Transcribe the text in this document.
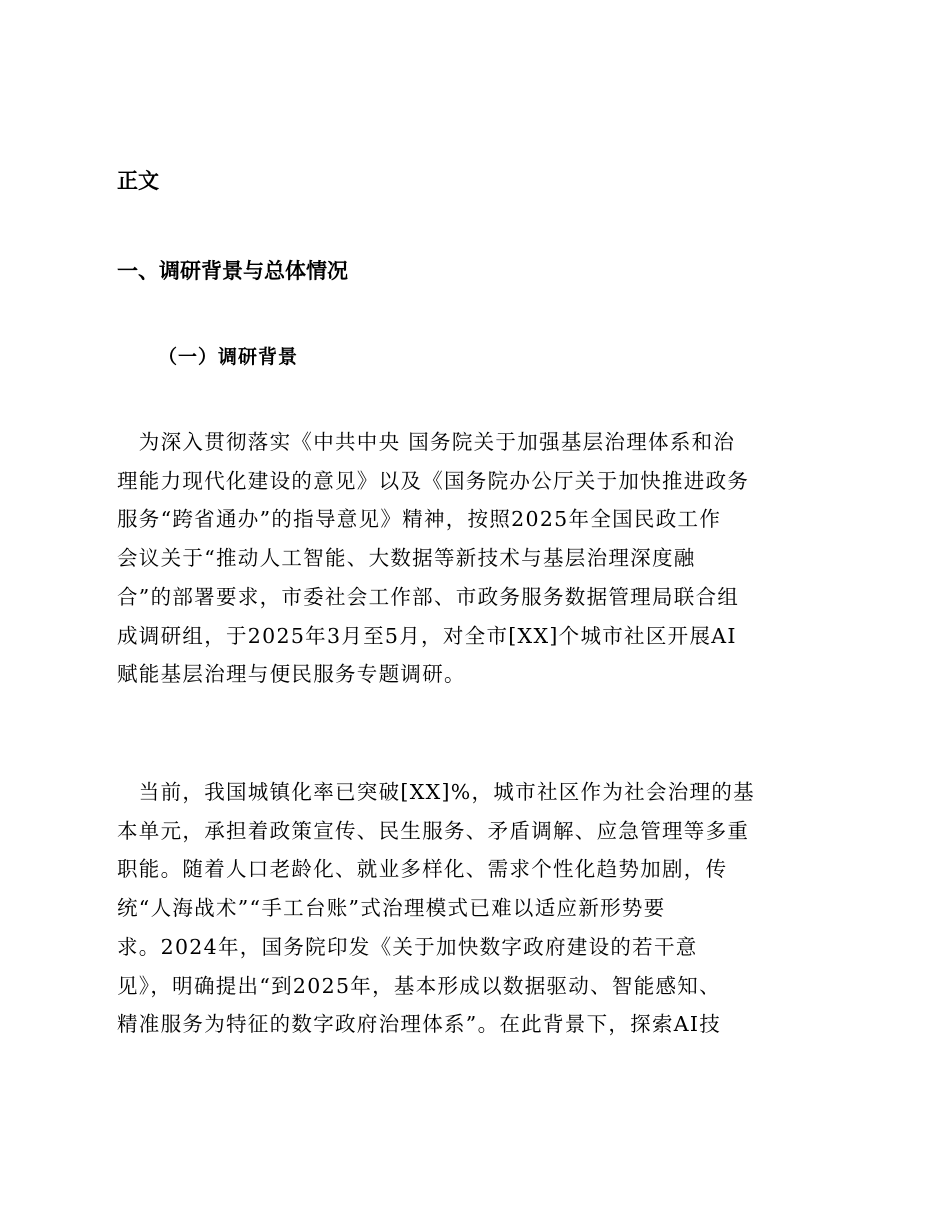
正文
一、调研背景与总体情况
（一）调研背景

　为深入贯彻落实《中共中央 国务院关于加强基层治理体系和治
理能力现代化建设的意见》以及《国务院办公厅关于加快推进政务
服务“跨省通办”的指导意见》精神，按照2025年全国民政工作
会议关于“推动人工智能、大数据等新技术与基层治理深度融
合”的部署要求，市委社会工作部、市政务服务数据管理局联合组
成调研组，于2025年3月至5月，对全市[XX]个城市社区开展AI
赋能基层治理与便民服务专题调研。

　当前，我国城镇化率已突破[XX]%，城市社区作为社会治理的基
本单元，承担着政策宣传、民生服务、矛盾调解、应急管理等多重
职能。随着人口老龄化、就业多样化、需求个性化趋势加剧，传
统“人海战术”“手工台账”式治理模式已难以适应新形势要
求。2024年，国务院印发《关于加快数字政府建设的若干意
见》，明确提出“到2025年，基本形成以数据驱动、智能感知、
精准服务为特征的数字政府治理体系”。在此背景下，探索AI技
